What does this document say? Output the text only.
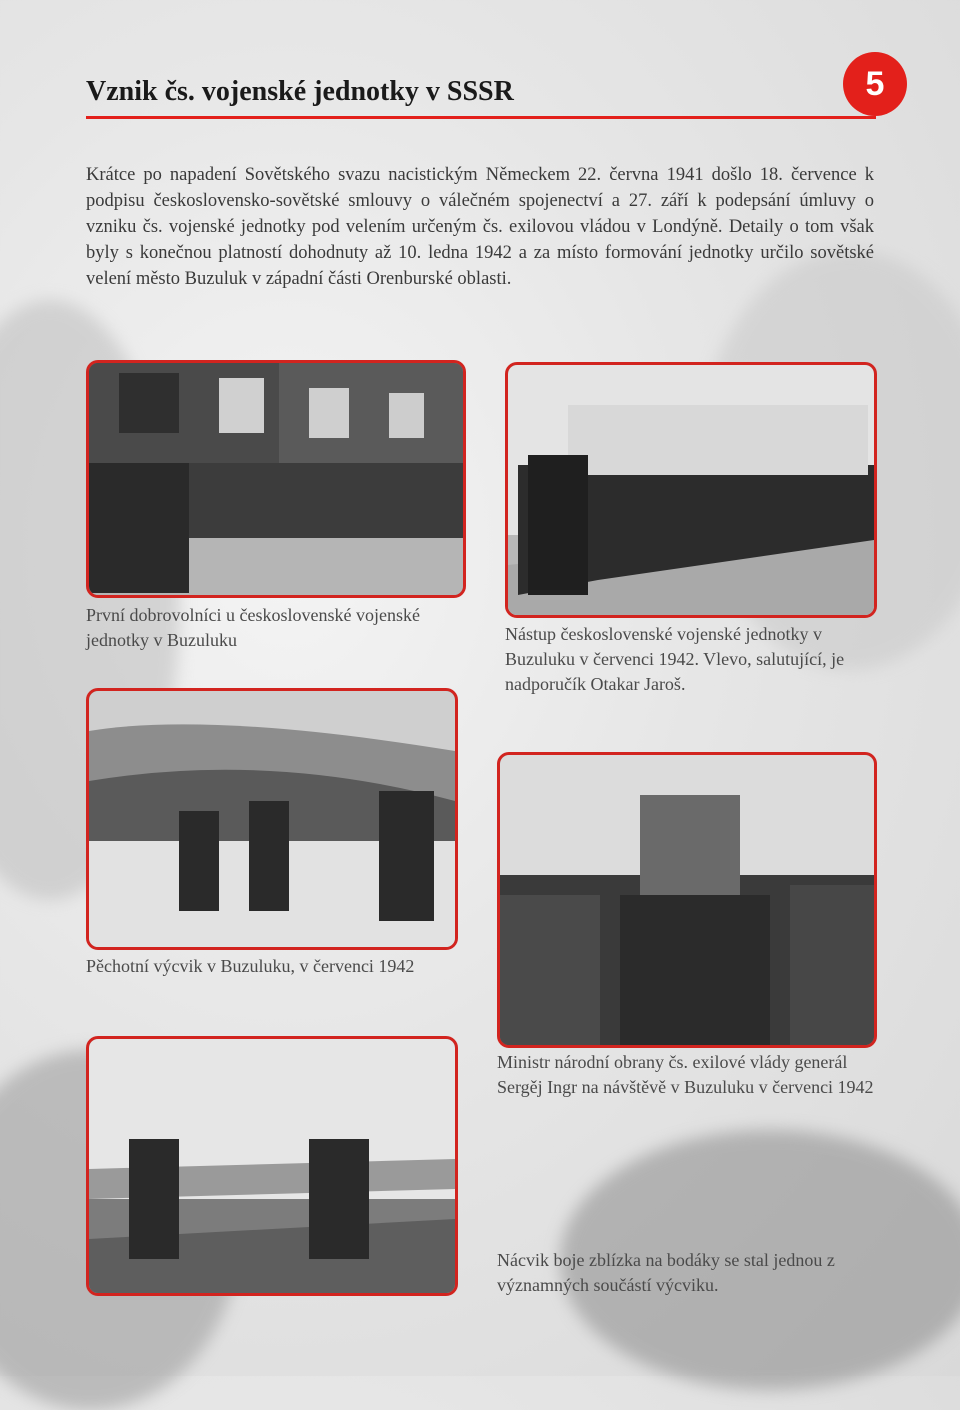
Vznik čs. vojenské jednotky v SSSR	5
Krátce po napadení Sovětského svazu nacistickým Německem 22. června 1941 došlo 18. července k podpisu československo-sovětské smlouvy o válečném spojenectví a 27. září k podepsání úmluvy o vzniku čs. vojenské jednotky pod velením určeným čs. exilovou vládou v Londýně. Detaily o tom však byly s konečnou platností dohodnuty až 10. ledna 1942 a za místo formování jednotky určilo sovětské velení město Buzuluk v západní části Orenburské oblasti.
První dobrovolníci u československé vojenské jednotky v Buzuluku	Nástup československé vojenské jednotky v Buzuluku v červenci 1942. Vlevo, salutující, je nadporučík Otakar Jaroš.
Pěchotní výcvik v Buzuluku, v červenci 1942
Ministr národní obrany čs. exilové vlády generál Sergěj Ingr na návštěvě v Buzuluku v červenci 1942
Nácvik boje zblízka na bodáky se stal jednou z významných součástí výcviku.
